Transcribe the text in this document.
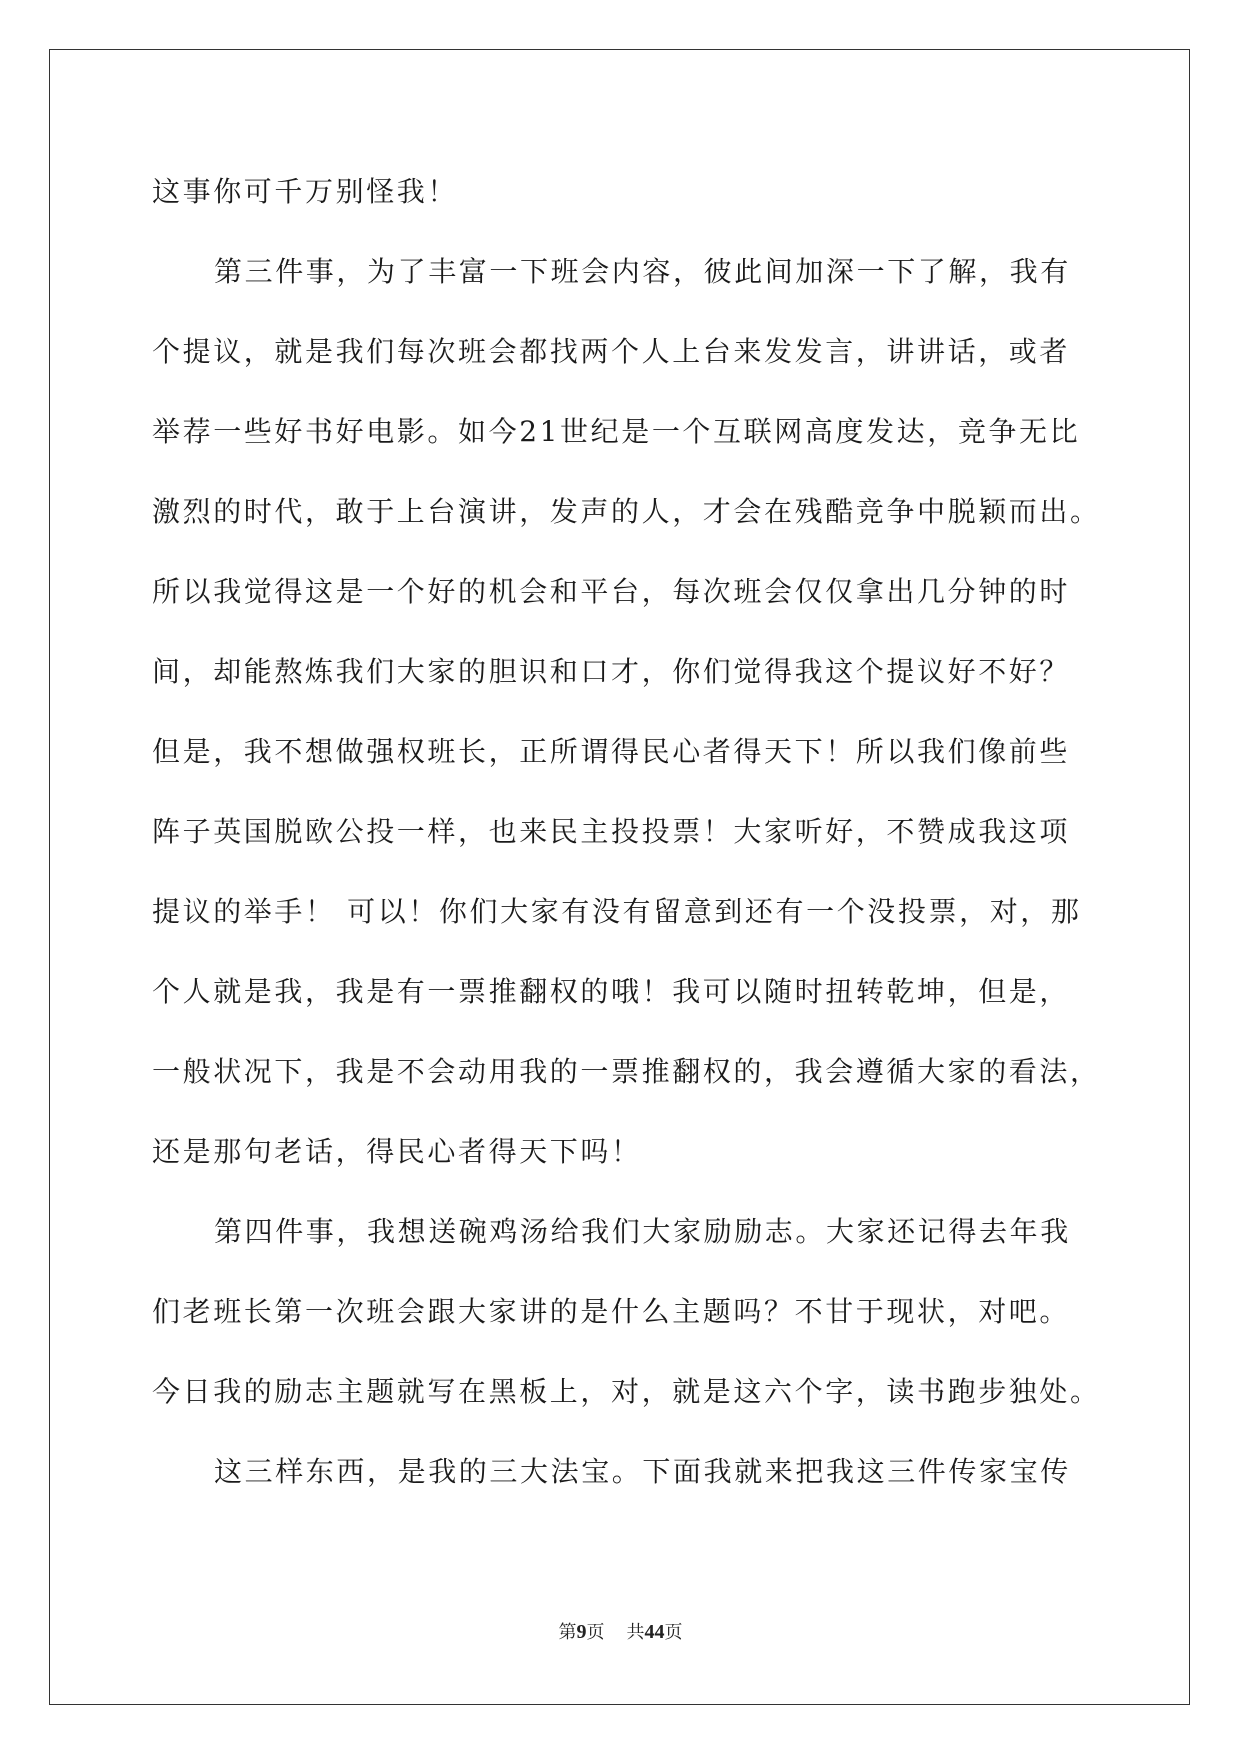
这事你可千万别怪我！
第三件事，为了丰富一下班会内容，彼此间加深一下了解，我有
个提议，就是我们每次班会都找两个人上台来发发言，讲讲话，或者
举荐一些好书好电影。如今21世纪是一个互联网高度发达，竞争无比
激烈的时代，敢于上台演讲，发声的人，才会在残酷竞争中脱颖而出。
所以我觉得这是一个好的机会和平台，每次班会仅仅拿出几分钟的时
间，却能熬炼我们大家的胆识和口才，你们觉得我这个提议好不好？
但是，我不想做强权班长，正所谓得民心者得天下！所以我们像前些
阵子英国脱欧公投一样，也来民主投投票！大家听好，不赞成我这项
提议的举手！ 可以！你们大家有没有留意到还有一个没投票，对，那
个人就是我，我是有一票推翻权的哦！我可以随时扭转乾坤，但是，
一般状况下，我是不会动用我的一票推翻权的，我会遵循大家的看法，
还是那句老话，得民心者得天下吗！
第四件事，我想送碗鸡汤给我们大家励励志。大家还记得去年我
们老班长第一次班会跟大家讲的是什么主题吗？不甘于现状，对吧。
今日我的励志主题就写在黑板上，对，就是这六个字，读书跑步独处。
这三样东西，是我的三大法宝。下面我就来把我这三件传家宝传
第9页 共44页
